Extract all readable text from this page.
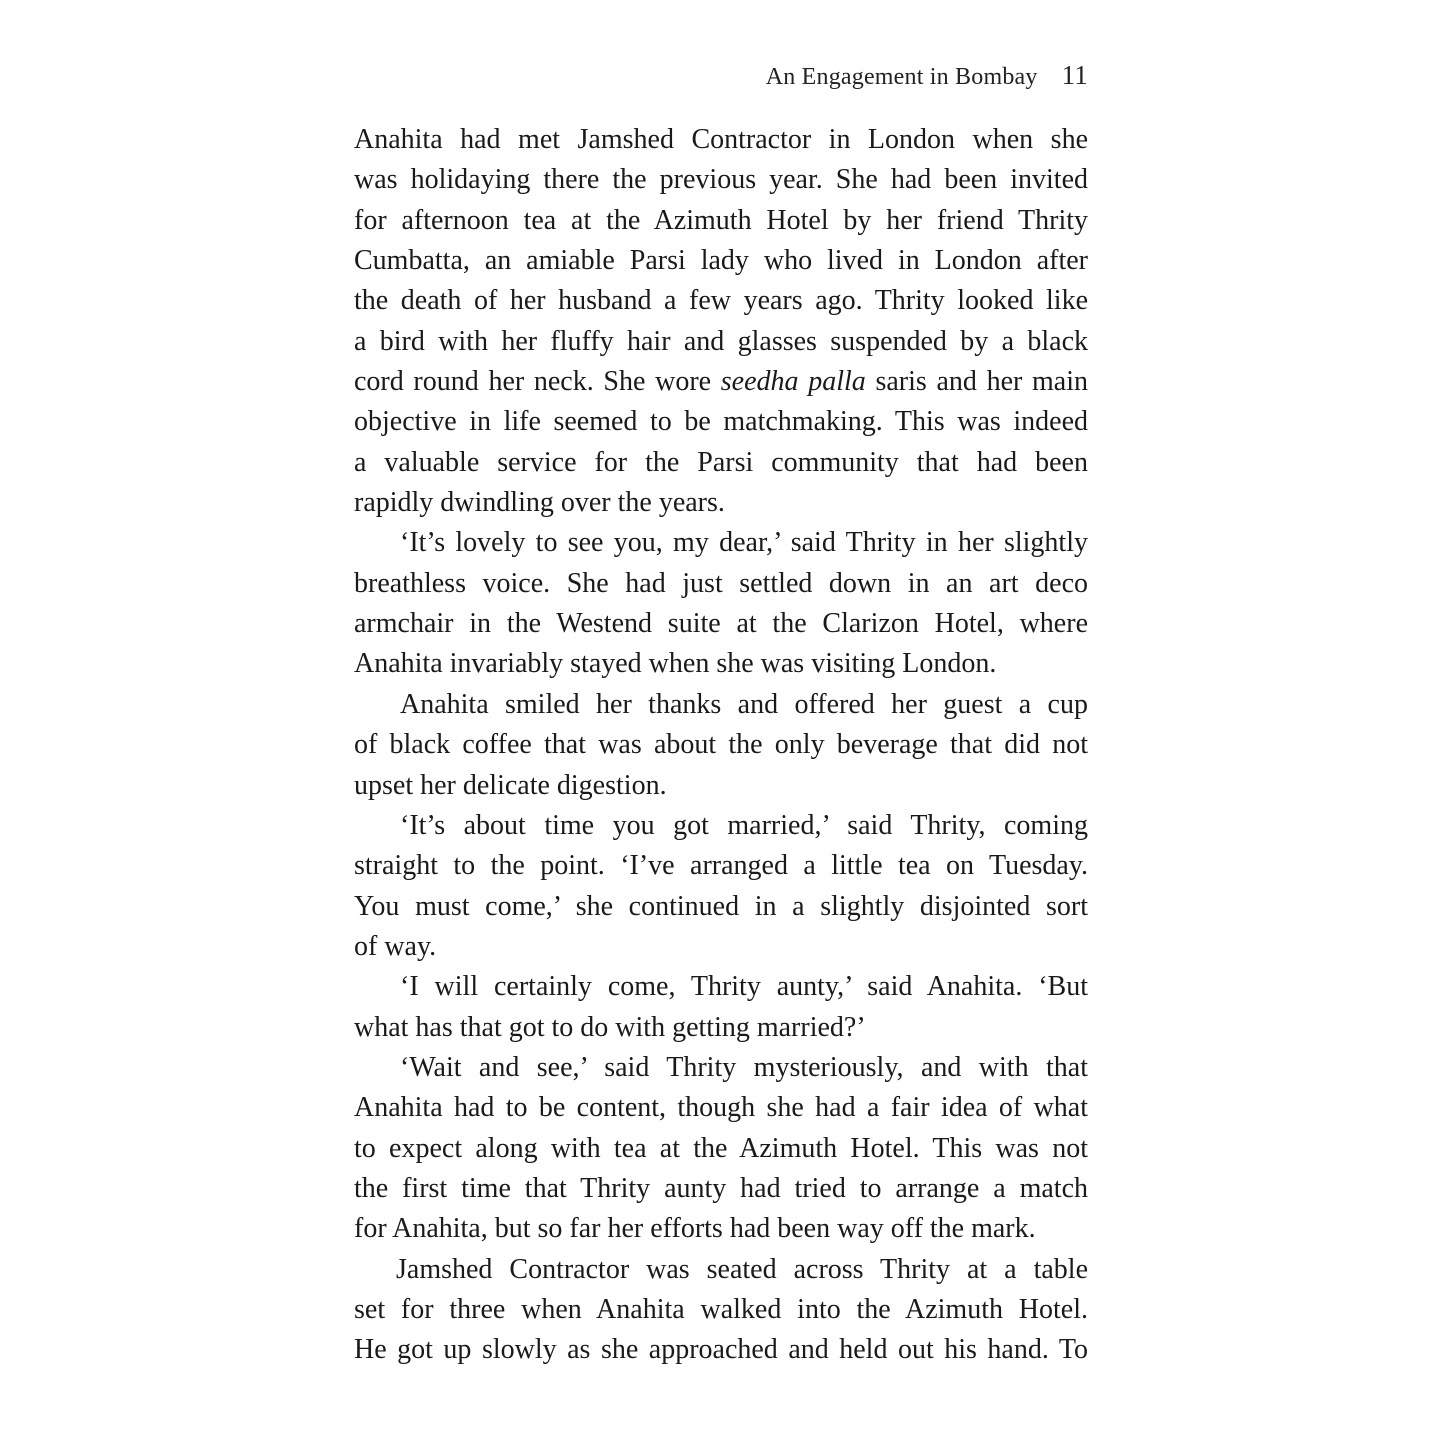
An Engagement in Bombay 11
Anahita had met Jamshed Contractor in London when she
was holidaying there the previous year. She had been invited
for afternoon tea at the Azimuth Hotel by her friend Thrity
Cumbatta, an amiable Parsi lady who lived in London after
the death of her husband a few years ago. Thrity looked like
a bird with her fluffy hair and glasses suspended by a black
cord round her neck. She wore seedha palla saris and her main
objective in life seemed to be matchmaking. This was indeed
a valuable service for the Parsi community that had been
rapidly dwindling over the years.
‘It’s lovely to see you, my dear,’ said Thrity in her slightly
breathless voice. She had just settled down in an art deco
armchair in the Westend suite at the Clarizon Hotel, where
Anahita invariably stayed when she was visiting London.
Anahita smiled her thanks and offered her guest a cup
of black coffee that was about the only beverage that did not
upset her delicate digestion.
‘It’s about time you got married,’ said Thrity, coming
straight to the point. ‘I’ve arranged a little tea on Tuesday.
You must come,’ she continued in a slightly disjointed sort
of way.
‘I will certainly come, Thrity aunty,’ said Anahita. ‘But
what has that got to do with getting married?’
‘Wait and see,’ said Thrity mysteriously, and with that
Anahita had to be content, though she had a fair idea of what
to expect along with tea at the Azimuth Hotel. This was not
the first time that Thrity aunty had tried to arrange a match
for Anahita, but so far her efforts had been way off the mark.
Jamshed Contractor was seated across Thrity at a table
set for three when Anahita walked into the Azimuth Hotel.
He got up slowly as she approached and held out his hand. To
